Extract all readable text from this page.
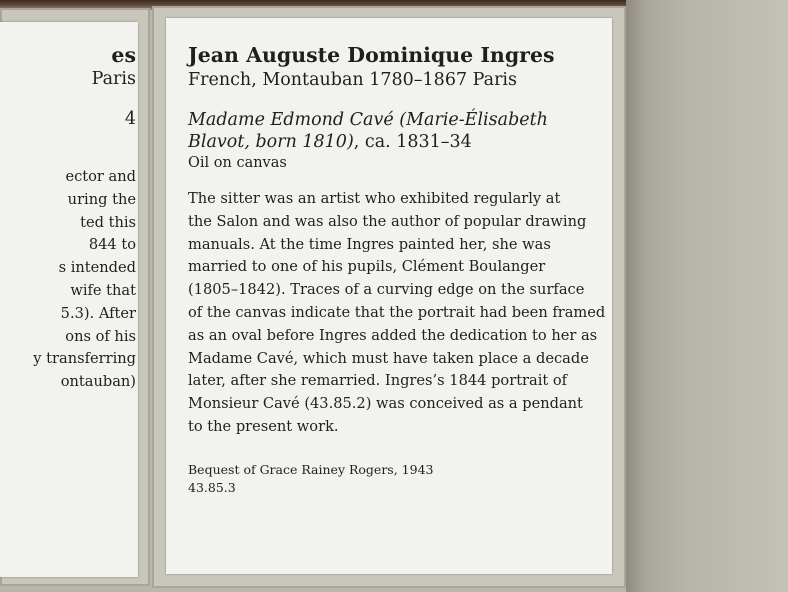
es
Paris
4
ector and
uring the
ted this
844 to
s intended
wife that
5.3). After
ons of his
y transferring
ontauban)
Jean Auguste Dominique Ingres
French, Montauban 1780–1867 Paris
Madame Edmond Cavé (Marie-Élisabeth
Blavot, born 1810), ca. 1831–34
Oil on canvas
The sitter was an artist who exhibited regularly at
the Salon and was also the author of popular drawing
manuals. At the time Ingres painted her, she was
married to one of his pupils, Clément Boulanger
(1805–1842). Traces of a curving edge on the surface
of the canvas indicate that the portrait had been framed
as an oval before Ingres added the dedication to her as
Madame Cavé, which must have taken place a decade
later, after she remarried. Ingres’s 1844 portrait of
Monsieur Cavé (43.85.2) was conceived as a pendant
to the present work.
Bequest of Grace Rainey Rogers, 1943
43.85.3
